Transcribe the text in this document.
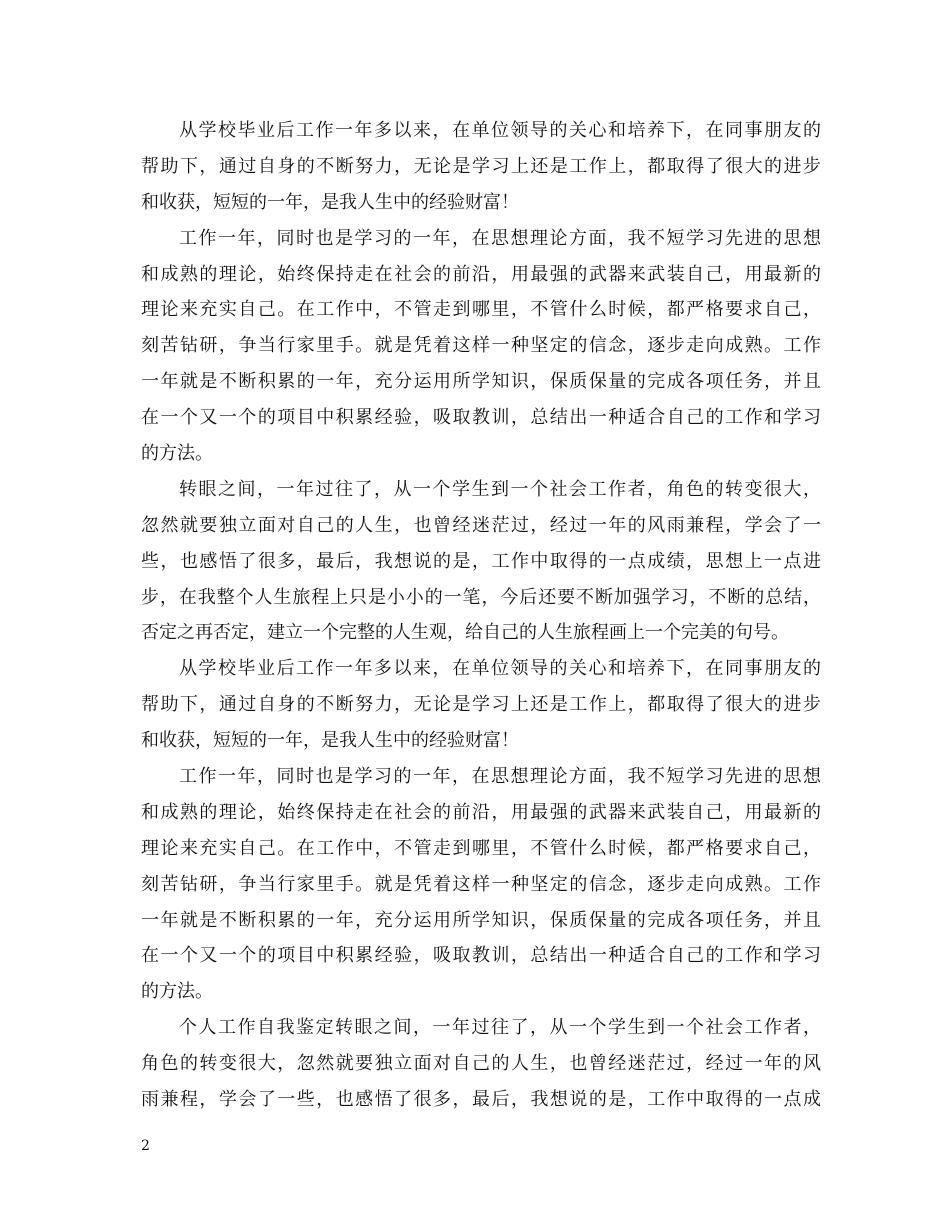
从学校毕业后工作一年多以来，在单位领导的关心和培养下，在同事朋友的
帮助下，通过自身的不断努力，无论是学习上还是工作上，都取得了很大的进步
和收获，短短的一年，是我人生中的经验财富！
工作一年，同时也是学习的一年，在思想理论方面，我不短学习先进的思想
和成熟的理论，始终保持走在社会的前沿，用最强的武器来武装自己，用最新的
理论来充实自己。在工作中，不管走到哪里，不管什么时候，都严格要求自己，
刻苦钻研，争当行家里手。就是凭着这样一种坚定的信念，逐步走向成熟。工作
一年就是不断积累的一年，充分运用所学知识，保质保量的完成各项任务，并且
在一个又一个的项目中积累经验，吸取教训，总结出一种适合自己的工作和学习
的方法。
转眼之间，一年过往了，从一个学生到一个社会工作者，角色的转变很大，
忽然就要独立面对自己的人生，也曾经迷茫过，经过一年的风雨兼程，学会了一
些，也感悟了很多，最后，我想说的是，工作中取得的一点成绩，思想上一点进
步，在我整个人生旅程上只是小小的一笔，今后还要不断加强学习，不断的总结，
否定之再否定，建立一个完整的人生观，给自己的人生旅程画上一个完美的句号。
从学校毕业后工作一年多以来，在单位领导的关心和培养下，在同事朋友的
帮助下，通过自身的不断努力，无论是学习上还是工作上，都取得了很大的进步
和收获，短短的一年，是我人生中的经验财富！
工作一年，同时也是学习的一年，在思想理论方面，我不短学习先进的思想
和成熟的理论，始终保持走在社会的前沿，用最强的武器来武装自己，用最新的
理论来充实自己。在工作中，不管走到哪里，不管什么时候，都严格要求自己，
刻苦钻研，争当行家里手。就是凭着这样一种坚定的信念，逐步走向成熟。工作
一年就是不断积累的一年，充分运用所学知识，保质保量的完成各项任务，并且
在一个又一个的项目中积累经验，吸取教训，总结出一种适合自己的工作和学习
的方法。
个人工作自我鉴定转眼之间，一年过往了，从一个学生到一个社会工作者，
角色的转变很大，忽然就要独立面对自己的人生，也曾经迷茫过，经过一年的风
雨兼程，学会了一些，也感悟了很多，最后，我想说的是，工作中取得的一点成
2
